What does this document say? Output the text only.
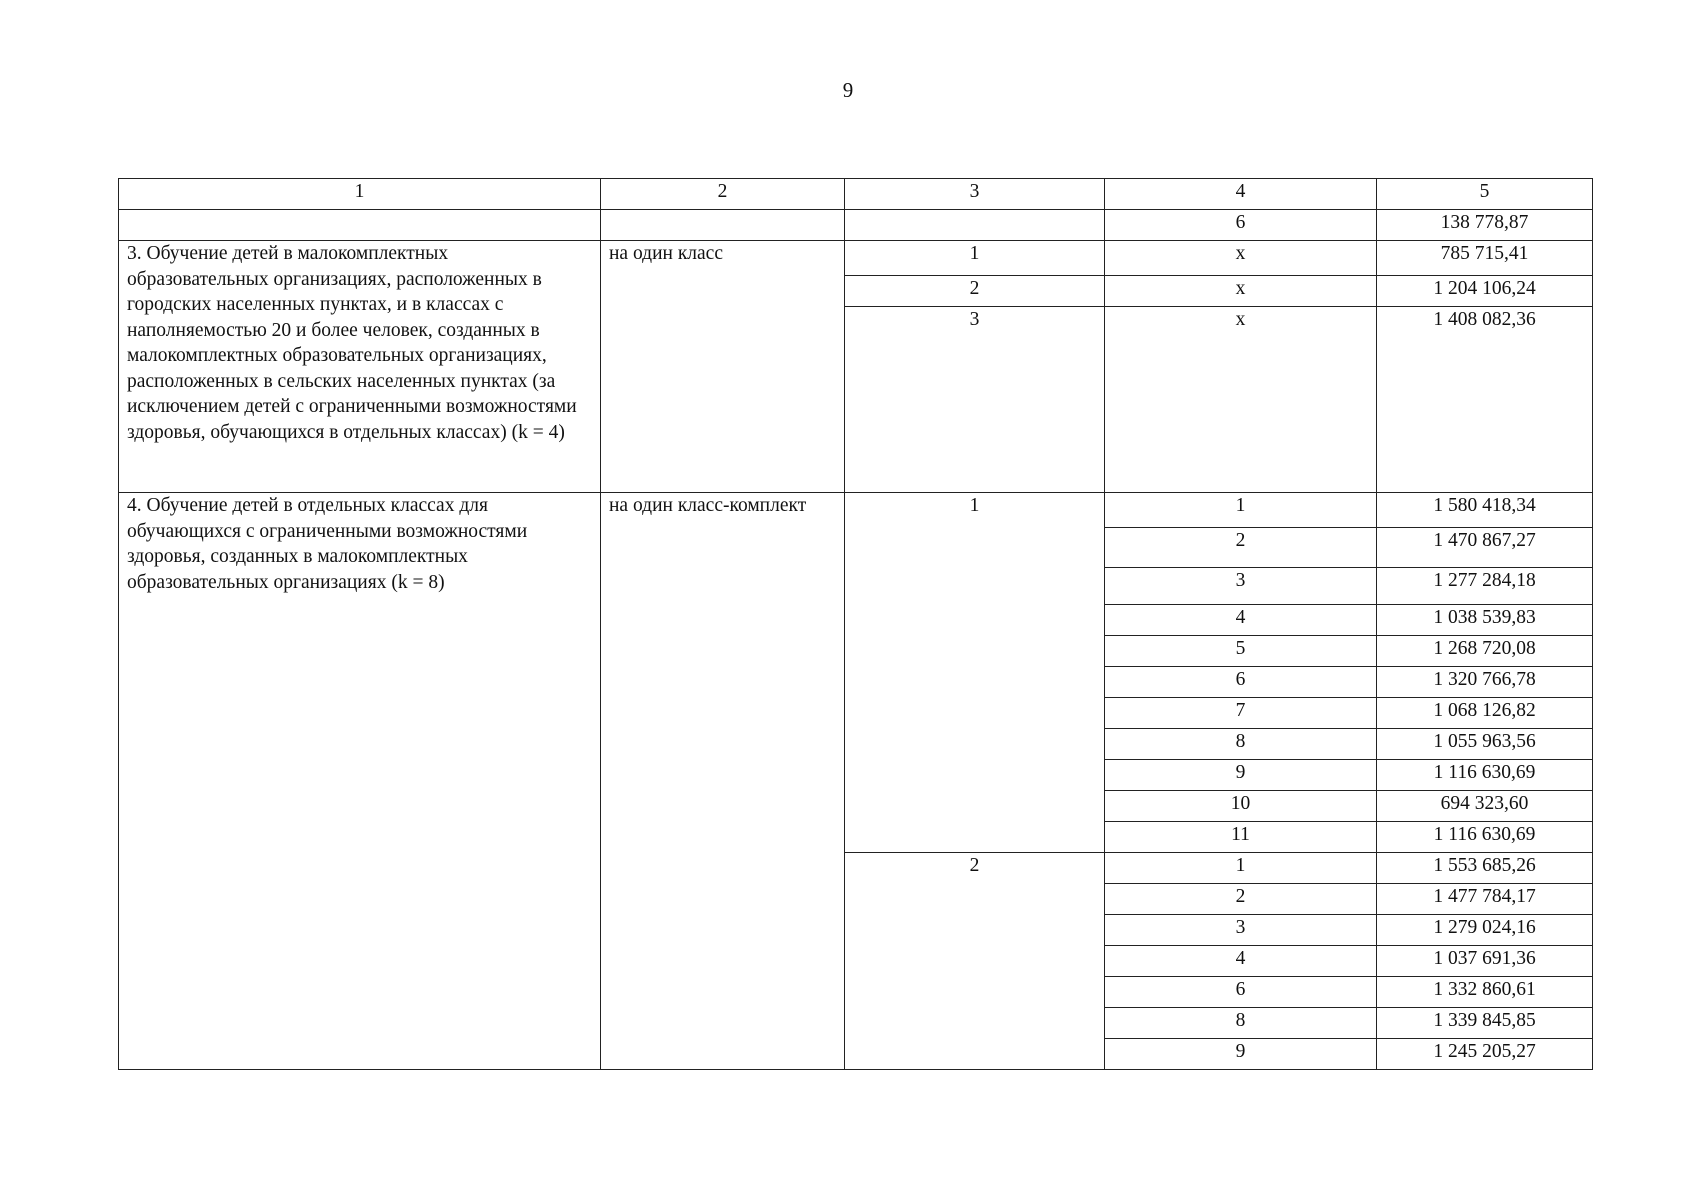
9
1	2	3	4	5
			6	138 778,87
3. Обучение детей в малокомплектных образовательных организациях, расположенных в городских населенных пунктах, и в классах с наполняемостью 20 и более человек, созданных в малокомплектных образовательных организациях, расположенных в сельских населенных пунктах (за исключением детей с ограниченными возможностями здоровья, обучающихся в отдельных классах) (k = 4)	на один класс	1	х	785 715,41
		2	х	1 204 106,24
		3	х	1 408 082,36
4. Обучение детей в отдельных классах для обучающихся с ограниченными возможностями здоровья, созданных в малокомплектных образовательных организациях (k = 8)	на один класс-комплект	1	1	1 580 418,34
			2	1 470 867,27
			3	1 277 284,18
			4	1 038 539,83
			5	1 268 720,08
			6	1 320 766,78
			7	1 068 126,82
			8	1 055 963,56
			9	1 116 630,69
			10	694 323,60
			11	1 116 630,69
		2	1	1 553 685,26
			2	1 477 784,17
			3	1 279 024,16
			4	1 037 691,36
			6	1 332 860,61
			8	1 339 845,85
			9	1 245 205,27
